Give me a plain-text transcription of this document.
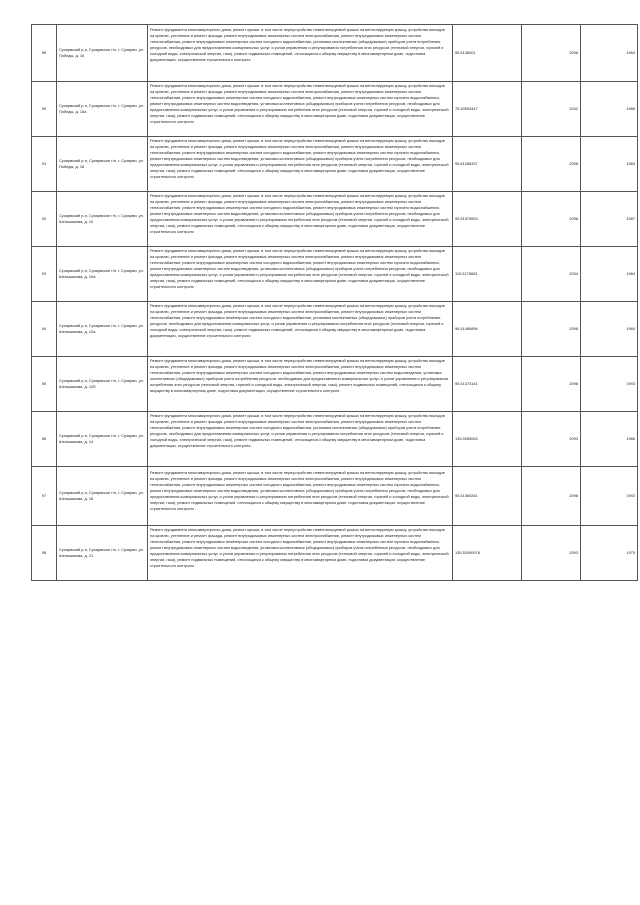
89	Суоярвский р-н, Суоярвское г/п, г. Суоярви, ул. Победы, д. 16	Ремонт фундамента многоквартирного дома, ремонт крыши, в том числе переустройство невентилируемой крыши на вентилируемую крышу, устройство выходов на кровлю, утепление и ремонт фасада, ремонт внутридомовых инженерных систем электроснабжения, ремонт внутридомовых инженерных систем теплоснабжения, ремонт внутридомовых инженерных систем холодного водоснабжения, установка коллективных (общедомовых) приборов учета потребления ресурсов, необходимых для предоставления коммунальных услуг, и узлов управления и регулирования потребления этих ресурсов (тепловой энергии, горячей и холодной воды, электрической энергии, газа), ремонт подвальных помещений, относящихся к общему имуществу в многоквартирном доме, подготовка документации, осуществление строительного контроля	95.6138001	2098	1984
90	Суоярвский р-н, Суоярвское г/п, г. Суоярви, ул. Победы, д. 16а	Ремонт фундамента многоквартирного дома, ремонт крыши, в том числе переустройство невентилируемой крыши на вентилируемую крышу, устройство выходов на кровлю, утепление и ремонт фасада, ремонт внутридомовых инженерных систем электроснабжения, ремонт внутридомовых инженерных систем теплоснабжения, ремонт внутридомовых инженерных систем холодного водоснабжения, ремонт внутридомовых инженерных систем горячего водоснабжения, ремонт внутридомовых инженерных систем водоотведения, установка коллективных (общедомовых) приборов учета потребления ресурсов, необходимых для предоставления коммунальных услуг, и узлов управления и регулирования потребления этих ресурсов (тепловой энергии, горячей и холодной воды, электрической энергии, газа), ремонт подвальных помещений, относящихся к общему имуществу в многоквартирном доме, подготовка документации, осуществление строительного контроля	75.50593447	2042	1988
91	Суоярвский р-н, Суоярвское г/п, г. Суоярви, ул. Победы, д. 18	Ремонт фундамента многоквартирного дома, ремонт крыши, в том числе переустройство невентилируемой крыши на вентилируемую крышу, устройство выходов на кровлю, утепление и ремонт фасада, ремонт внутридомовых инженерных систем электроснабжения, ремонт внутридомовых инженерных систем теплоснабжения, ремонт внутридомовых инженерных систем холодного водоснабжения, ремонт внутридомовых инженерных систем горячего водоснабжения, ремонт внутридомовых инженерных систем водоотведения, установка коллективных (общедомовых) приборов учета потребления ресурсов, необходимых для предоставления коммунальных услуг, и узлов управления и регулирования потребления этих ресурсов (тепловой энергии, горячей и холодной воды, электрической энергии, газа), ремонт подвальных помещений, относящихся к общему имуществу в многоквартирном доме, подготовка документации, осуществление строительного контроля	95.61286337	2098	1983
92	Суоярвский р-н, Суоярвское г/п, г. Суоярви, ул. Шельшакова, д. 10	Ремонт фундамента многоквартирного дома, ремонт крыши, в том числе переустройство невентилируемой крыши на вентилируемую крышу, устройство выходов на кровлю, утепление и ремонт фасада, ремонт внутридомовых инженерных систем электроснабжения, ремонт внутридомовых инженерных систем теплоснабжения, ремонт внутридомовых инженерных систем холодного водоснабжения, ремонт внутридомовых инженерных систем горячего водоснабжения, ремонт внутридомовых инженерных систем водоотведения, установка коллективных (общедомовых) приборов учета потребления ресурсов, необходимых для предоставления коммунальных услуг, и узлов управления и регулирования потребления этих ресурсов (тепловой энергии, горячей и холодной воды, электрической энергии, газа), ремонт подвальных помещений, относящихся к общему имуществу в многоквартирном доме, подготовка документации, осуществление строительного контроля	95.51579653	2098	1987
93	Суоярвский р-н, Суоярвское г/п, г. Суоярви, ул. Шельшакова, д. 10а	Ремонт фундамента многоквартирного дома, ремонт крыши, в том числе переустройство невентилируемой крыши на вентилируемую крышу, устройство выходов на кровлю, утепление и ремонт фасада, ремонт внутридомовых инженерных систем электроснабжения, ремонт внутридомовых инженерных систем теплоснабжения, ремонт внутридомовых инженерных систем холодного водоснабжения, ремонт внутридомовых инженерных систем горячего водоснабжения, ремонт внутридомовых инженерных систем водоотведения, установка коллективных (общедомовых) приборов учета потребления ресурсов, необходимых для предоставления коммунальных услуг, и узлов управления и регулирования потребления этих ресурсов (тепловой энергии, горячей и холодной воды, электрической энергии, газа), ремонт подвальных помещений, относящихся к общему имуществу в многоквартирном доме, подготовка документации, осуществление строительного контроля	115.5175653	2034	1984
94	Суоярвский р-н, Суоярвское г/п, г. Суоярви, ул. Шельшакова, д. 12а	Ремонт фундамента многоквартирного дома, ремонт крыши, в том числе переустройство невентилируемой крыши на вентилируемую крышу, устройство выходов на кровлю, утепление и ремонт фасада, ремонт внутридомовых инженерных систем электроснабжения, ремонт внутридомовых инженерных систем теплоснабжения, ремонт внутридомовых инженерных систем холодного водоснабжения, установка коллективных (общедомовых) приборов учета потребления ресурсов, необходимых для предоставления коммунальных услуг, и узлов управления и регулирования потребления этих ресурсов (тепловой энергии, горячей и холодной воды, электрической энергии, газа), ремонт подвальных помещений, относящихся к общему имуществу в многоквартирном доме, подготовка документации, осуществление строительного контроля	96.51466896	2098	1960
95	Суоярвский р-н, Суоярвское г/п, г. Суоярви, ул. Шельшакова, д. 12б	Ремонт фундамента многоквартирного дома, ремонт крыши, в том числе переустройство невентилируемой крыши на вентилируемую крышу, устройство выходов на кровлю, утепление и ремонт фасада, ремонт внутридомовых инженерных систем электроснабжения, ремонт внутридомовых инженерных систем теплоснабжения, ремонт внутридомовых инженерных систем холодного водоснабжения, ремонт внутридомовых инженерных систем водоотведения, установка коллективных (общедомовых) приборов учета потребления ресурсов, необходимых для предоставления коммунальных услуг, и узлов управления и регулирования потребления этих ресурсов (тепловой энергии, горячей и холодной воды, электрической энергии, газа), ремонт подвальных помещений, относящихся к общему имуществу в многоквартирном доме, подготовка документации, осуществление строительного контроля	95.51473141	2098	1993
96	Суоярвский р-н, Суоярвское г/п, г. Суоярви, ул. Шельшакова, д. 14	Ремонт фундамента многоквартирного дома, ремонт крыши, в том числе переустройство невентилируемой крыши на вентилируемую крышу, устройство выходов на кровлю, утепление и ремонт фасада, ремонт внутридомовых инженерных систем электроснабжения, ремонт внутридомовых инженерных систем теплоснабжения, ремонт внутридомовых инженерных систем холодного водоснабжения, установка коллективных (общедомовых) приборов учета потребления ресурсов, необходимых для предоставления коммунальных услуг, и узлов управления и регулирования потребления этих ресурсов (тепловой энергии, горячей и холодной воды, электрической энергии, газа), ремонт подвальных помещений, относящихся к общему имуществу в многоквартирном доме, подготовка документации, осуществление строительного контроля	135.5265063	2093	1986
97	Суоярвский р-н, Суоярвское г/п, г. Суоярви, ул. Шельшакова, д. 18	Ремонт фундамента многоквартирного дома, ремонт крыши, в том числе переустройство невентилируемой крыши на вентилируемую крышу, устройство выходов на кровлю, утепление и ремонт фасада, ремонт внутридомовых инженерных систем электроснабжения, ремонт внутридомовых инженерных систем теплоснабжения, ремонт внутридомовых инженерных систем холодного водоснабжения, ремонт внутридомовых инженерных систем горячего водоснабжения, ремонт внутридомовых инженерных систем водоотведения, установка коллективных (общедомовых) приборов учета потребления ресурсов, необходимых для предоставления коммунальных услуг, и узлов управления и регулирования потребления этих ресурсов (тепловой энергии, горячей и холодной воды, электрической энергии, газа), ремонт подвальных помещений, относящихся к общему имуществу в многоквартирном доме, подготовка документации, осуществление строительного контроля	95.51365261	2098	1992
98	Суоярвский р-н, Суоярвское г/п, г. Суоярви, ул. Шельшакова, д. 21	Ремонт фундамента многоквартирного дома, ремонт крыши, в том числе переустройство невентилируемой крыши на вентилируемую крышу, устройство выходов на кровлю, утепление и ремонт фасада, ремонт внутридомовых инженерных систем электроснабжения, ремонт внутридомовых инженерных систем теплоснабжения, ремонт внутридомовых инженерных систем холодного водоснабжения, ремонт внутридомовых инженерных систем горячего водоснабжения, ремонт внутридомовых инженерных систем водоотведения, установка коллективных (общедомовых) приборов учета потребления ресурсов, необходимых для предоставления коммунальных услуг, и узлов управления и регулирования потребления этих ресурсов (тепловой энергии, горячей и холодной воды, электрической энергии, газа), ремонт подвальных помещений, относящихся к общему имуществу в многоквартирном доме, подготовка документации, осуществление строительного контроля	135.52950976	2093	1975
